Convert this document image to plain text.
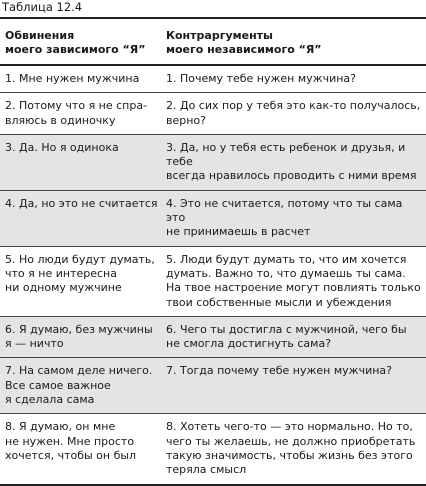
Таблица 12.4
Обвинения
моего зависимого “Я”	Контраргументы
моего независимого “Я”

1. Мне нужен мужчина	1. Почему тебе нужен мужчина?

2. Потому что я не спра-
вляюсь в одиночку	2. До сих пор у тебя это как-то получалось,
верно?

3. Да. Но я одинока	3. Да, но у тебя есть ребенок и друзья, и тебе
всегда нравилось проводить с ними время

4. Да, но это не считается	4. Это не считается, потому что ты сама это
не принимаешь в расчет

5. Но люди будут думать,
что я не интересна
ни одному мужчине	5. Люди будут думать то, что им хочется
думать. Важно то, что думаешь ты сама.
На твое настроение могут повлиять только
твои собственные мысли и убеждения

6. Я думаю, без мужчины
я — ничто	6. Чего ты достигла с мужчиной, чего бы
не смогла достигнуть сама?

7. На самом деле ничего.
Все самое важное
я сделала сама	7. Тогда почему тебе нужен мужчина?

8. Я думаю, он мне
не нужен. Мне просто
хочется, чтобы он был	8. Хотеть чего-то — это нормально. Но то,
чего ты желаешь, не должно приобретать
такую значимость, чтобы жизнь без этого
теряла смысл
